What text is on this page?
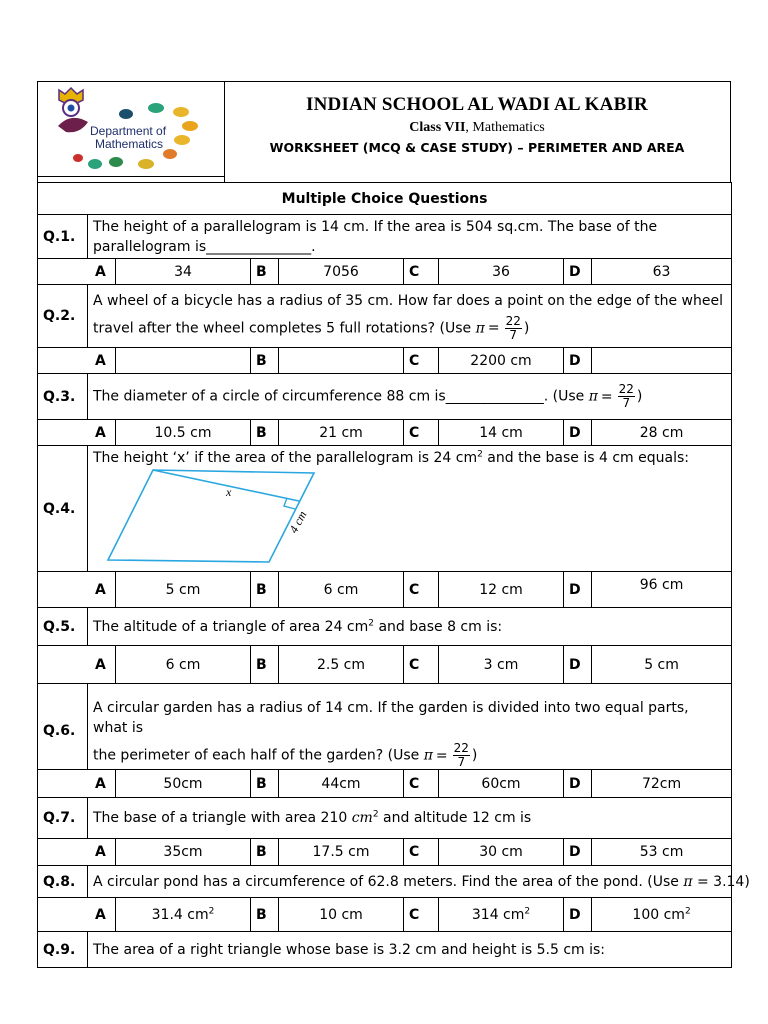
Department of
Mathematics
INDIAN SCHOOL AL WADI AL KABIR
Class VII, Mathematics
WORKSHEET (MCQ & CASE STUDY) – PERIMETER AND AREA
Multiple Choice Questions								
Q.1.	The height of a parallelogram is 14 cm. If the area is 504 sq.cm. The base of the parallelogram is_______________.							
A		34	B	7056	C	36	D	63
Q.2.	A wheel of a bicycle has a radius of 35 cm. How far does a point on the edge of the wheel
travel after the wheel completes 5 full rotations? (Use $\pi = \frac{22}{7}$ )							

A			B		C	2200 cm	D	
Q.3.	The diameter of a circle of circumference 88 cm is______________. (Use $\pi = \frac{22}{7}$ )							
A		10.5 cm	B	21 cm	C	14 cm	D	28 cm
Q.4.	The height ‘x’ if the area of the parallelogram is 24 $cm^2$ and the base is 4 cm equals:
x
4 cm							

A		5 cm	B	6 cm	C	12 cm	D	96 cm
Q.5.	The altitude of a triangle of area 24 $cm^2$ and base 8 cm is:							
A		6 cm	B	2.5 cm	C	3 cm	D	5 cm
Q.6.	A circular garden has a radius of 14 cm. If the garden is divided into two equal parts, what is
the perimeter of each half of the garden? (Use $\pi = \frac{22}{7}$ )							

A		50cm	B	44cm	C	60cm	D	72cm
Q.7.	The base of a triangle with area 210 $cm^2$ and altitude 12 cm is							
A		35cm	B	17.5 cm	C	30 cm	D	53 cm
Q.8.	A circular pond has a circumference of 62.8 meters. Find the area of the pond. (Use π = 3.14)							
A		31.4 $cm^2$	B	10 cm	C	314 $cm^2$	D	100 $cm^2$
Q.9.	The area of a right triangle whose base is 3.2 cm and height is 5.5 cm is:							
